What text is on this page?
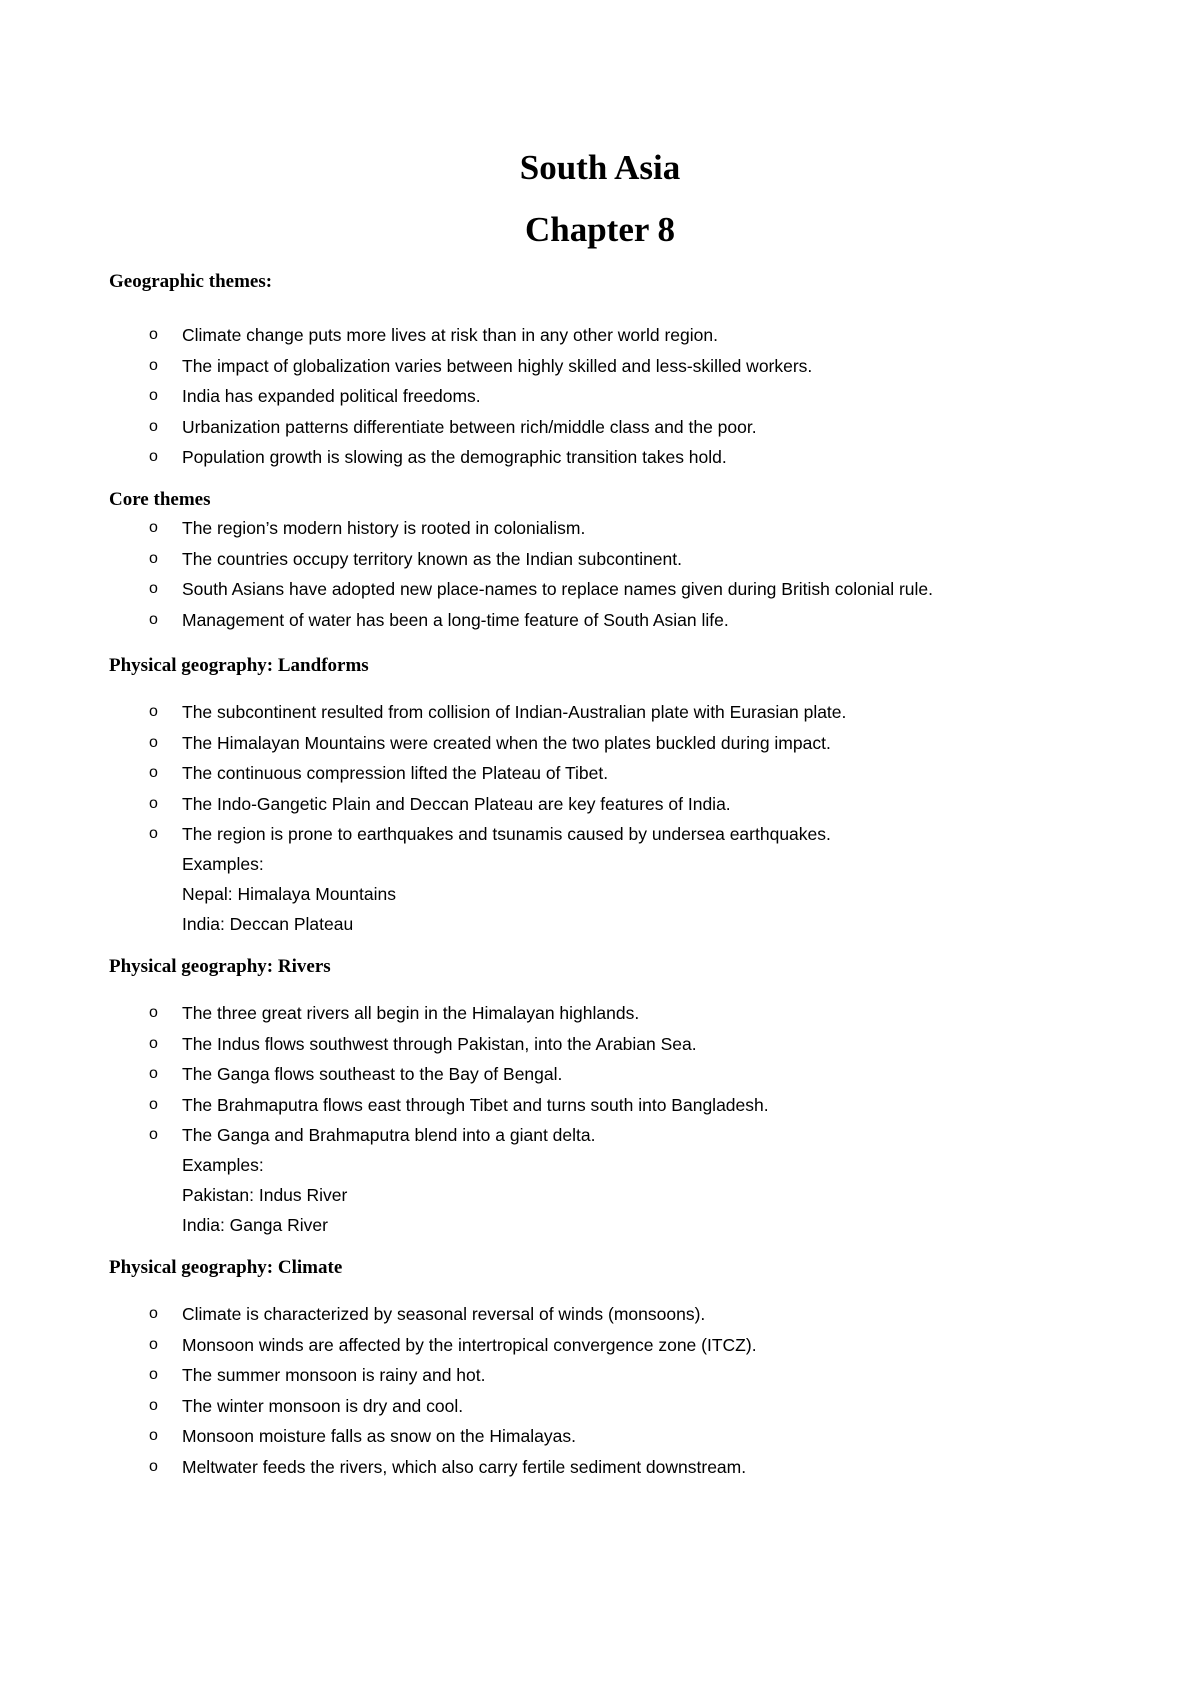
South Asia
Chapter 8
Geographic themes:
o Climate change puts more lives at risk than in any other world region.
o The impact of globalization varies between highly skilled and less-skilled workers.
o India has expanded political freedoms.
o Urbanization patterns differentiate between rich/middle class and the poor.
o Population growth is slowing as the demographic transition takes hold.
Core themes
o The region’s modern history is rooted in colonialism.
o The countries occupy territory known as the Indian subcontinent.
o South Asians have adopted new place-names to replace names given during British colonial rule.
o Management of water has been a long-time feature of South Asian life.
Physical geography: Landforms
o The subcontinent resulted from collision of Indian-Australian plate with Eurasian plate.
o The Himalayan Mountains were created when the two plates buckled during impact.
o The continuous compression lifted the Plateau of Tibet.
o The Indo-Gangetic Plain and Deccan Plateau are key features of India.
o The region is prone to earthquakes and tsunamis caused by undersea earthquakes.

Examples:

Nepal: Himalaya Mountains

India: Deccan Plateau

Physical geography: Rivers
o The three great rivers all begin in the Himalayan highlands.
o The Indus flows southwest through Pakistan, into the Arabian Sea.
o The Ganga flows southeast to the Bay of Bengal.
o The Brahmaputra flows east through Tibet and turns south into Bangladesh.
o The Ganga and Brahmaputra blend into a giant delta.

Examples:

Pakistan: Indus River

India: Ganga River

Physical geography: Climate
o Climate is characterized by seasonal reversal of winds (monsoons).
o Monsoon winds are affected by the intertropical convergence zone (ITCZ).
o The summer monsoon is rainy and hot.
o The winter monsoon is dry and cool.
o Monsoon moisture falls as snow on the Himalayas.
o Meltwater feeds the rivers, which also carry fertile sediment downstream.
